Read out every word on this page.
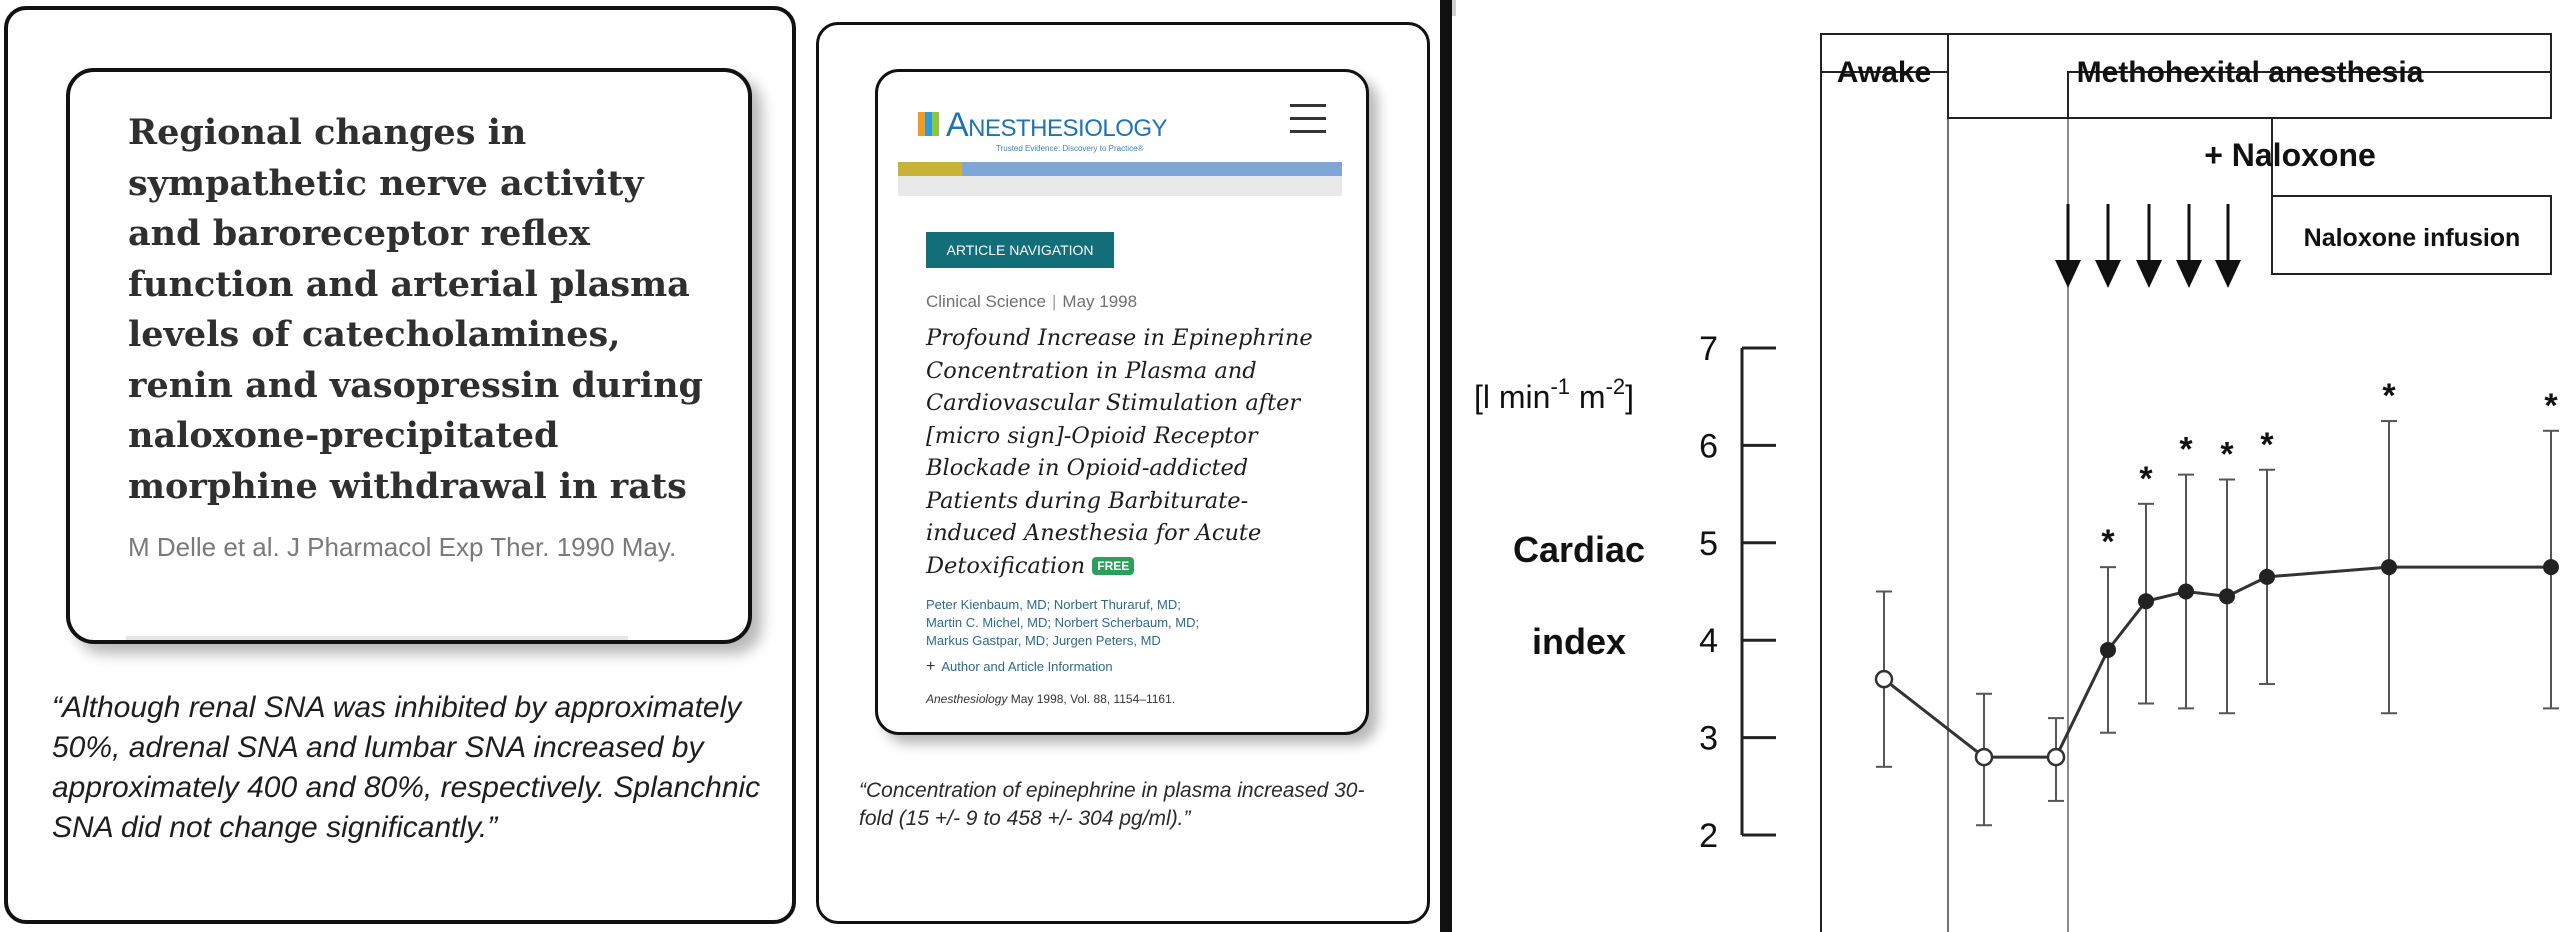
Regional changes in sympathetic nerve activity and baroreceptor reflex function and arterial plasma levels of catecholamines, renin and vasopressin during naloxone-precipitated morphine withdrawal in rats
M Delle et al. J Pharmacol Exp Ther. 1990 May.
“Although renal SNA was inhibited by approximately 50%, adrenal SNA and lumbar SNA increased by approximately 400 and 80%, respectively. Splanchnic SNA did not change significantly.”
Anesthesiology
Trusted Evidence: Discovery to Practice®
ARTICLE NAVIGATION
Clinical Science | May 1998
Profound Increase in Epinephrine Concentration in Plasma and Cardiovascular Stimulation after [micro sign]-Opioid Receptor Blockade in Opioid-addicted Patients during Barbiturate-induced Anesthesia for Acute Detoxification FREE
Peter Kienbaum, MD; Norbert Thuraruf, MD;
Martin C. Michel, MD; Norbert Scherbaum, MD;
Markus Gastpar, MD; Jurgen Peters, MD
+ Author and Article Information
Anesthesiology May 1998, Vol. 88, 1154–1161.
“Concentration of epinephrine in plasma increased 30-fold (15 +/- 9 to 458 +/- 304 pg/ml).”
Awake	Methohexital anesthesia
+ Naloxone
Naloxone infusion
2
3
4
5
6
7
[l $\min^{-1} m^{-2}$]
Cardiac
index
*
*
* * *
*	*
